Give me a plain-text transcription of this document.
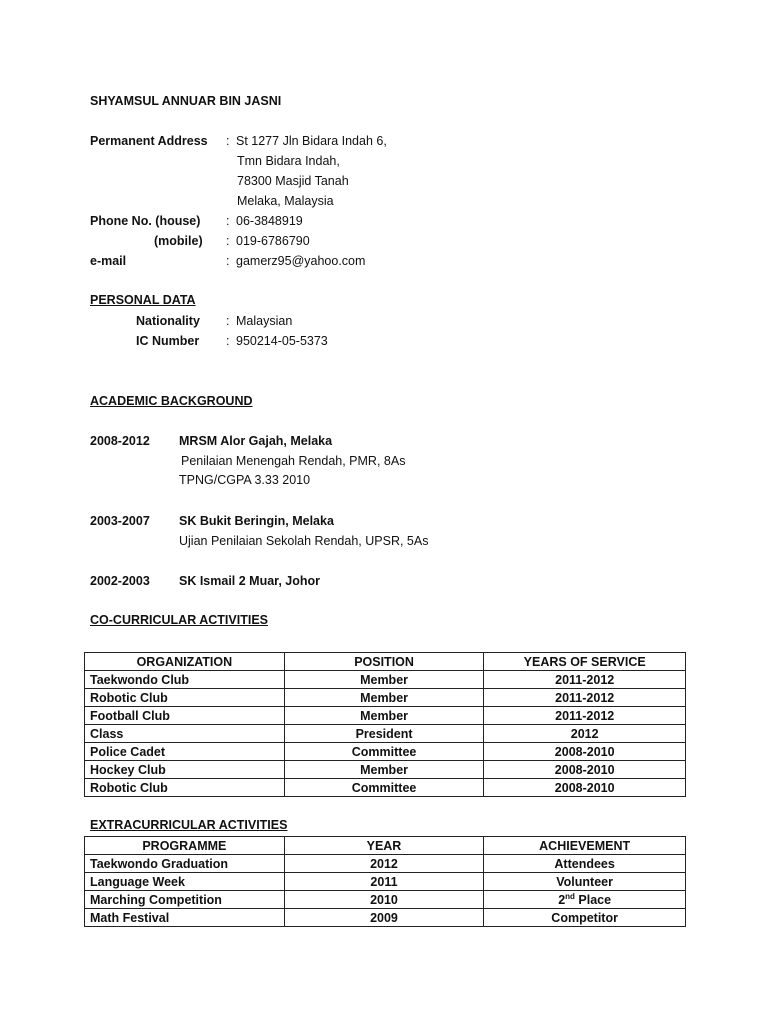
SHYAMSUL ANNUAR BIN JASNI
Permanent Address : St 1277 Jln Bidara Indah 6,
Tmn Bidara Indah,
78300 Masjid Tanah
Melaka, Malaysia
Phone No. (house) : 06-3848919
(mobile) : 019-6786790
e-mail	: gamerz95@yahoo.com
PERSONAL DATA
Nationality : Malaysian
IC Number : 950214-05-5373
ACADEMIC BACKGROUND
2008-2012 MRSM Alor Gajah, Melaka
Penilaian Menengah Rendah, PMR, 8As
TPNG/CGPA 3.33 2010
2003-2007 SK Bukit Beringin, Melaka
Ujian Penilaian Sekolah Rendah, UPSR, 5As
2002-2003 SK Ismail 2 Muar, Johor
CO-CURRICULAR ACTIVITIES
ORGANIZATION	POSITION	YEARS OF SERVICE
Taekwondo Club	Member	2011-2012
Robotic Club	Member	2011-2012
Football Club	Member	2011-2012
Class	President	2012
Police Cadet	Committee	2008-2010
Hockey Club	Member	2008-2010
Robotic Club	Committee	2008-2010
EXTRACURRICULAR ACTIVITIES
PROGRAMME	YEAR	ACHIEVEMENT
Taekwondo Graduation	2012	Attendees
Language Week	2011	Volunteer
Marching Competition	2010	2nd Place
Math Festival	2009	Competitor
